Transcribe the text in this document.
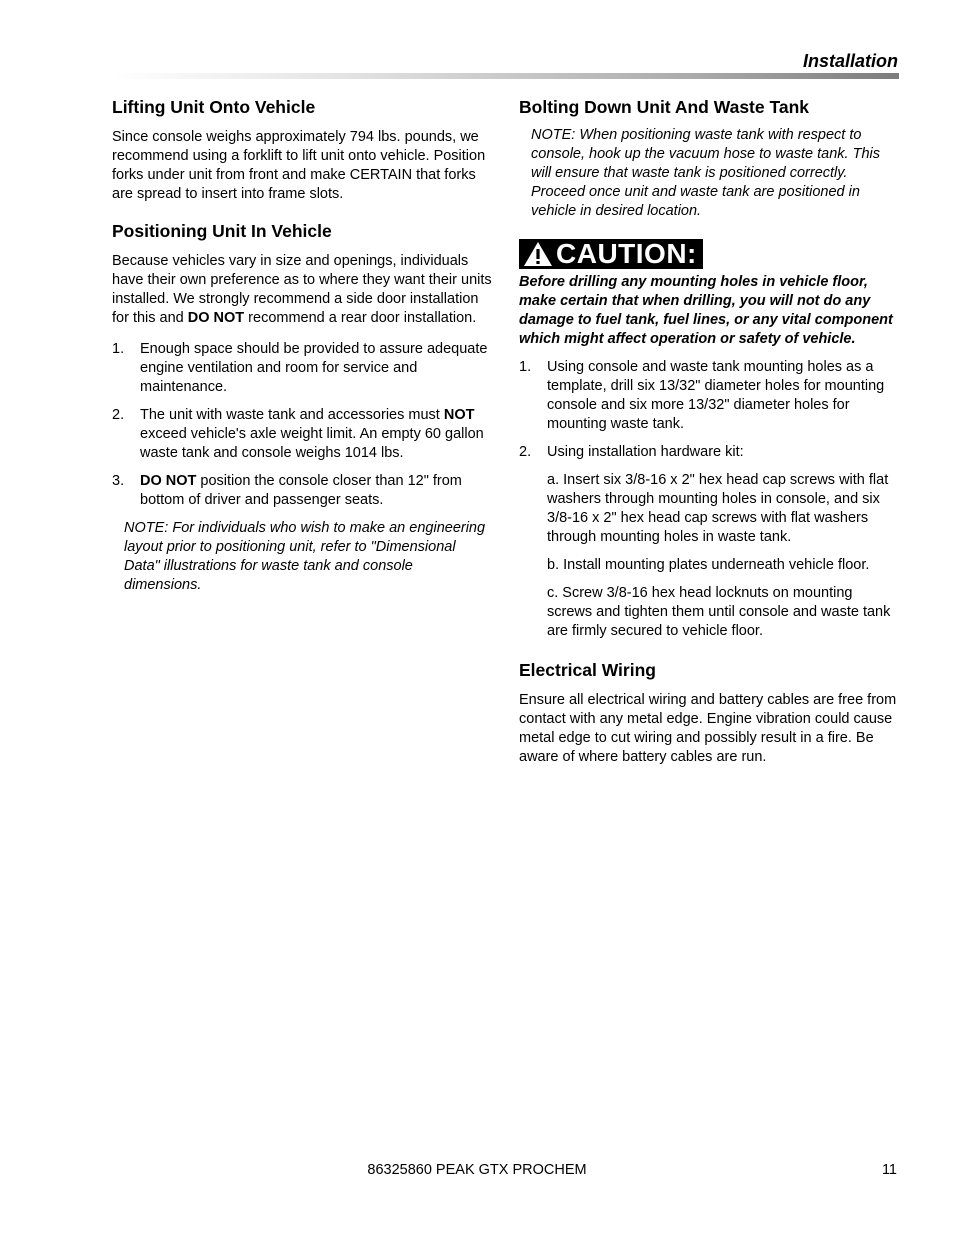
Installation
Lifting Unit Onto Vehicle

Since console weighs approximately 794 lbs. pounds, we recommend using a forklift to lift unit onto vehicle. Position forks under unit from front and make CERTAIN that forks are spread to insert into frame slots.

Positioning Unit In Vehicle

Because vehicles vary in size and openings, individuals have their own preference as to where they want their units installed. We strongly recommend a side door installation for this and DO NOT recommend a rear door installation.

1.	Enough space should be provided to assure adequate engine ventilation and room for service and maintenance.
2.	The unit with waste tank and accessories must NOT exceed vehicle's axle weight limit. An empty 60 gallon waste tank and console weighs 1014 lbs.
3.	DO NOT position the console closer than 12" from bottom of driver and passenger seats.

NOTE: For individuals who wish to make an engineering layout prior to positioning unit, refer to "Dimensional Data" illustrations for waste tank and console dimensions.

Bolting Down Unit And Waste Tank

NOTE: When positioning waste tank with respect to console, hook up the vacuum hose to waste tank. This will ensure that waste tank is positioned correctly. Proceed once unit and waste tank are positioned in vehicle in desired location.

CAUTION:

Before drilling any mounting holes in vehicle floor, make certain that when drilling, you will not do any damage to fuel tank, fuel lines, or any vital component which might affect operation or safety of vehicle.

1.	Using console and waste tank mounting holes as a template, drill six 13/32" diameter holes for mounting console and six more 13/32" diameter holes for mounting waste tank.
2.	Using installation hardware kit:

a. Insert six 3/8-16 x 2" hex head cap screws with flat washers through mounting holes in console, and six 3/8-16 x 2" hex head cap screws with flat washers through mounting holes in waste tank.

b. Install mounting plates underneath vehicle floor.

c. Screw 3/8-16 hex head locknuts on mounting screws and tighten them until console and waste tank are firmly secured to vehicle floor.

Electrical Wiring

Ensure all electrical wiring and battery cables are free from contact with any metal edge. Engine vibration could cause metal edge to cut wiring and possibly result in a fire. Be aware of where battery cables are run.

86325860 PEAK GTX PROCHEM	11
